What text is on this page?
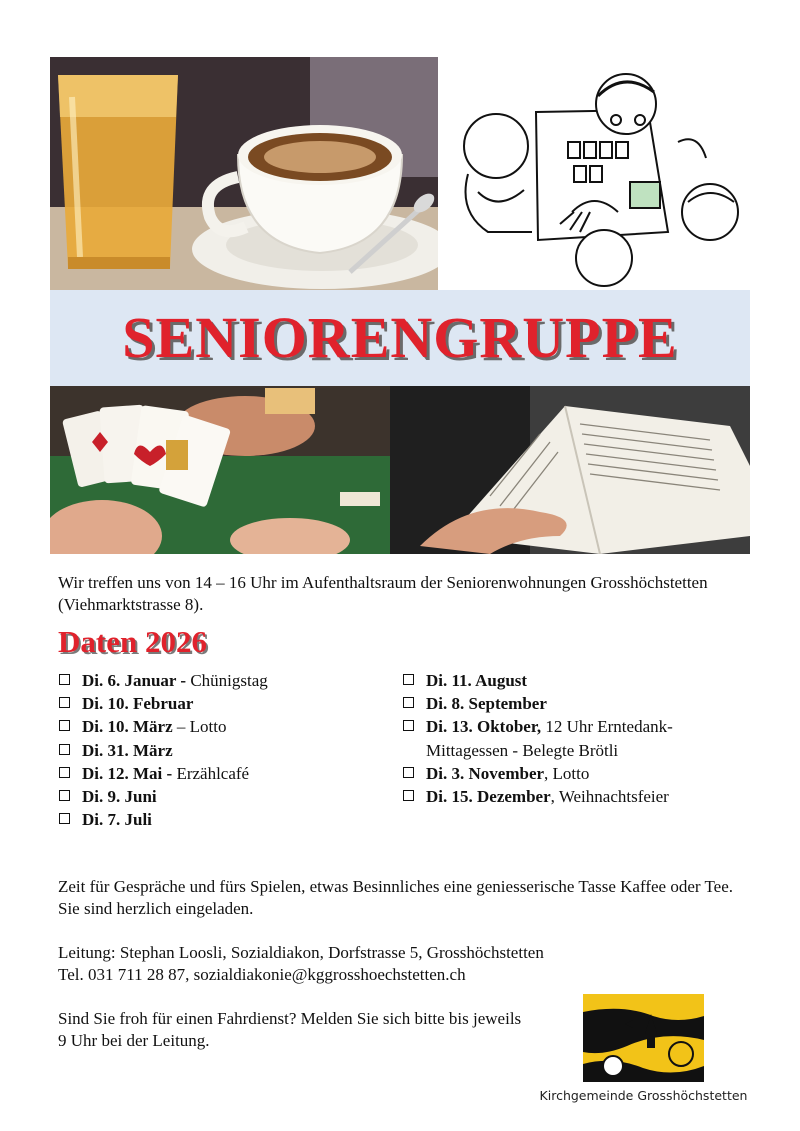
SENIORENGRUPPE

Wir treffen uns von 14 – 16 Uhr im Aufenthaltsraum der Seniorenwohnungen Grosshöchstetten (Viehmarktstrasse 8).

Daten 2026
Di. 6. Januar - Chünigstag
Di. 10. Februar
Di. 10. März – Lotto
Di. 31. März
Di. 12. Mai - Erzählcafé
Di. 9. Juni
Di. 7. Juli
Di. 11. August
Di. 8. September
Di. 13. Oktober, 12 Uhr Erntedank-Mittagessen - Belegte Brötli
Di. 3. November, Lotto
Di. 15. Dezember, Weihnachtsfeier

Zeit für Gespräche und fürs Spielen, etwas Besinnliches eine geniesserische Tasse Kaffee oder Tee. Sie sind herzlich eingeladen.

Leitung: Stephan Loosli, Sozialdiakon, Dorfstrasse 5, Grosshöchstetten

Tel. 031 711 28 87, sozialdiakonie@kggrosshoechstetten.ch

Sind Sie froh für einen Fahrdienst? Melden Sie sich bitte bis jeweils 9 Uhr bei der Leitung.

Kirchgemeinde Grosshöchstetten
